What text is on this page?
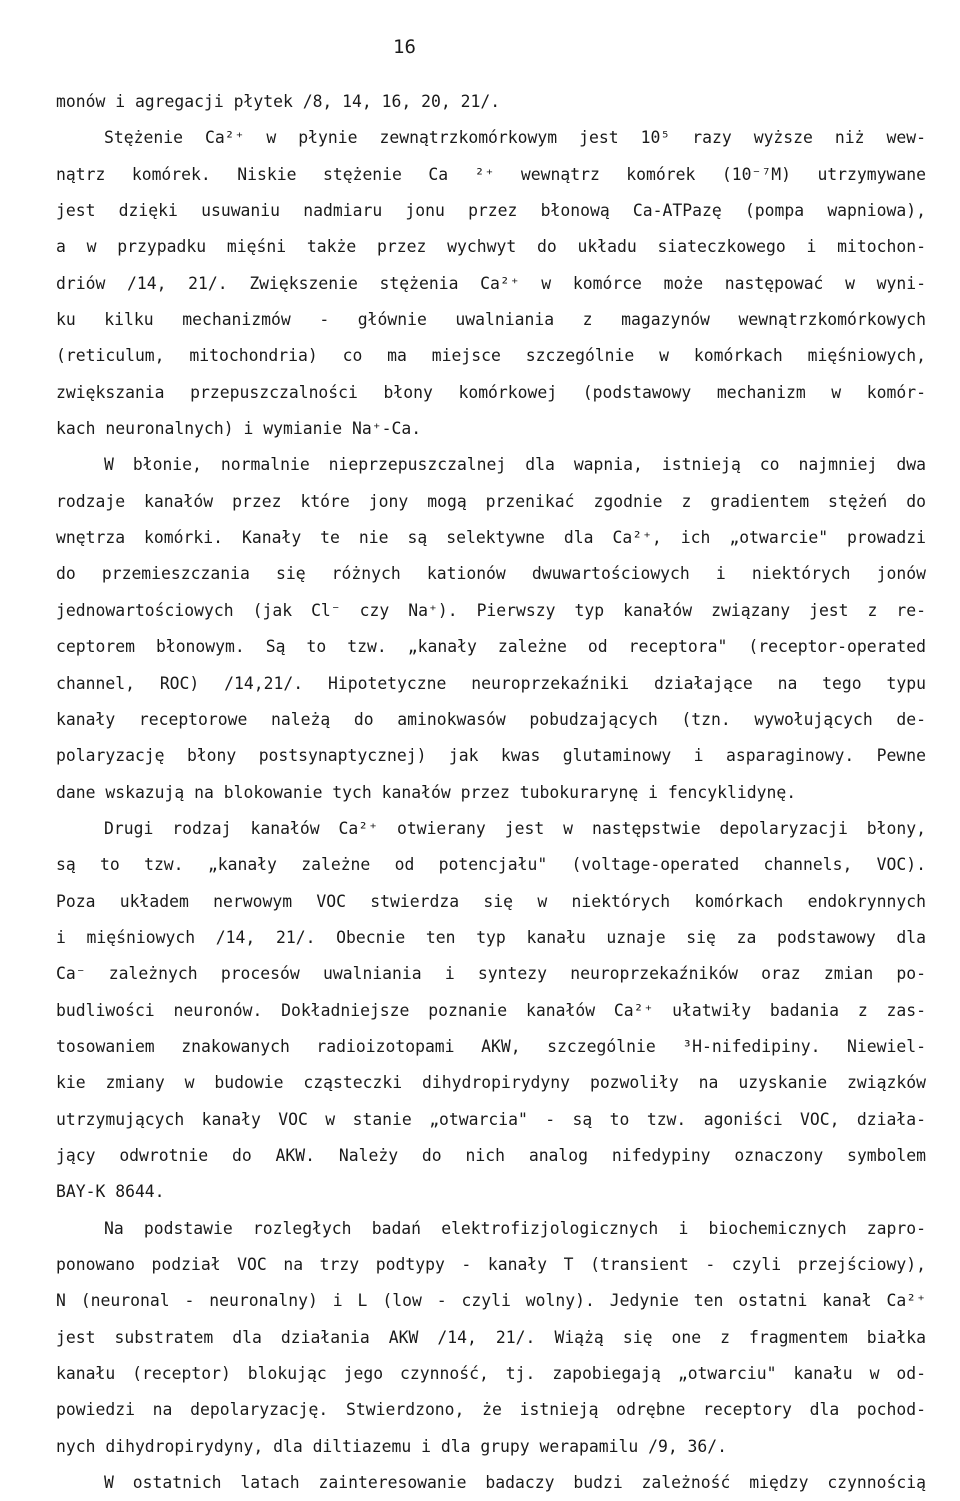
16
monów i agregacji płytek /8, 14, 16, 20, 21/.
Stężenie Ca²⁺ w płynie zewnątrzkomórkowym jest 10⁵ razy wyższe niż wew-
nątrz komórek. Niskie stężenie Ca ²⁺ wewnątrz komórek (10⁻⁷M) utrzymywane
jest dzięki usuwaniu nadmiaru jonu przez błonową Ca-ATPazę (pompa wapniowa),
a w przypadku mięśni także przez wychwyt do układu siateczkowego i mitochon-
driów /14, 21/. Zwiększenie stężenia Ca²⁺ w komórce może następować w wyni-
ku kilku mechanizmów - głównie uwalniania z magazynów wewnątrzkomórkowych
(reticulum, mitochondria) co ma miejsce szczególnie w komórkach mięśniowych,
zwiększania przepuszczalności błony komórkowej (podstawowy mechanizm w komór-
kach neuronalnych) i wymianie Na⁺-Ca.
W błonie, normalnie nieprzepuszczalnej dla wapnia, istnieją co najmniej dwa
rodzaje kanałów przez które jony mogą przenikać zgodnie z gradientem stężeń do
wnętrza komórki. Kanały te nie są selektywne dla Ca²⁺, ich „otwarcie" prowadzi
do przemieszczania się różnych kationów dwuwartościowych i niektórych jonów
jednowartościowych (jak Cl⁻ czy Na⁺). Pierwszy typ kanałów związany jest z re-
ceptorem błonowym. Są to tzw. „kanały zależne od receptora" (receptor-operated
channel, ROC) /14,21/. Hipotetyczne neuroprzekaźniki działające na tego typu
kanały receptorowe należą do aminokwasów pobudzających (tzn. wywołujących de-
polaryzację błony postsynaptycznej) jak kwas glutaminowy i asparaginowy. Pewne
dane wskazują na blokowanie tych kanałów przez tubokurarynę i fencyklidynę.
Drugi rodzaj kanałów Ca²⁺ otwierany jest w następstwie depolaryzacji błony,
są to tzw. „kanały zależne od potencjału" (voltage-operated channels, VOC).
Poza układem nerwowym VOC stwierdza się w niektórych komórkach endokrynnych
i mięśniowych /14, 21/. Obecnie ten typ kanału uznaje się za podstawowy dla
Ca⁻ zależnych procesów uwalniania i syntezy neuroprzekaźników oraz zmian po-
budliwości neuronów. Dokładniejsze poznanie kanałów Ca²⁺ ułatwiły badania z zas-
tosowaniem znakowanych radioizotopami AKW, szczególnie ³H-nifedipiny. Niewiel-
kie zmiany w budowie cząsteczki dihydropirydyny pozwoliły na uzyskanie związków
utrzymujących kanały VOC w stanie „otwarcia" - są to tzw. agoniści VOC, działa-
jący odwrotnie do AKW. Należy do nich analog nifedypiny oznaczony symbolem
BAY-K 8644.
Na podstawie rozległych badań elektrofizjologicznych i biochemicznych zapro-
ponowano podział VOC na trzy podtypy - kanały T (transient - czyli przejściowy),
N (neuronal - neuronalny) i L (low - czyli wolny). Jedynie ten ostatni kanał Ca²⁺
jest substratem dla działania AKW /14, 21/. Wiążą się one z fragmentem białka
kanału (receptor) blokując jego czynność, tj. zapobiegają „otwarciu" kanału w od-
powiedzi na depolaryzację. Stwierdzono, że istnieją odrębne receptory dla pochod-
nych dihydropirydyny, dla diltiazemu i dla grupy werapamilu /9, 36/.
W ostatnich latach zainteresowanie badaczy budzi zależność między czynnością
